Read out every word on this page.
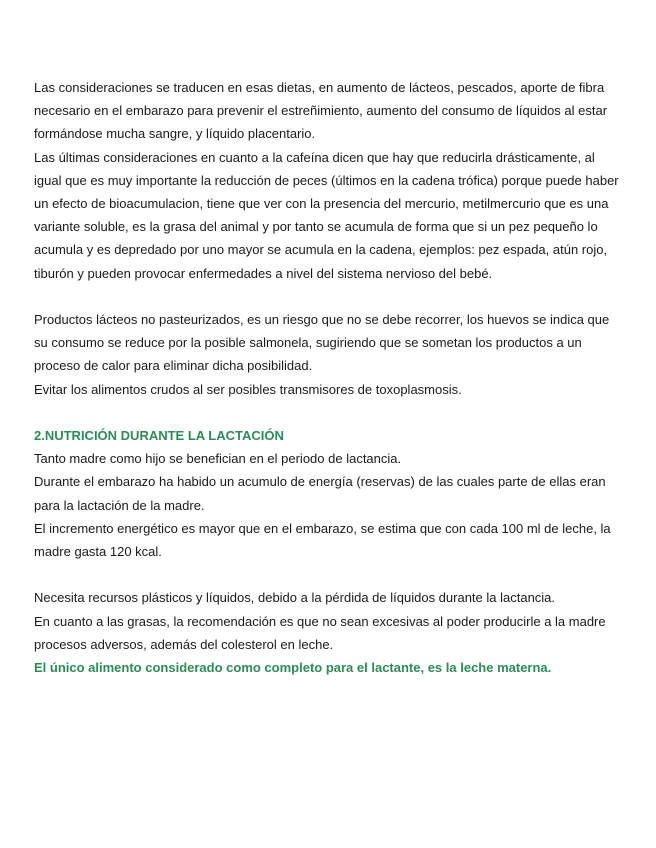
Las consideraciones se traducen en esas dietas, en aumento de lácteos, pescados, aporte de fibra necesario en el embarazo para prevenir el estreñimiento, aumento del consumo de líquidos al estar formándose mucha sangre, y líquido placentario.

Las últimas consideraciones en cuanto a la cafeína dicen que hay que reducirla drásticamente, al igual que es muy importante la reducción de peces (últimos en la cadena trófica) porque puede haber un efecto de bioacumulacion, tiene que ver con la presencia del mercurio, metilmercurio que es una variante soluble, es la grasa del animal y por tanto se acumula de forma que si un pez pequeño lo acumula y es depredado por uno mayor se acumula en la cadena, ejemplos: pez espada, atún rojo, tiburón y pueden provocar enfermedades a nivel del sistema nervioso del bebé.

Productos lácteos no pasteurizados, es un riesgo que no se debe recorrer, los huevos se indica que su consumo se reduce por la posible salmonela, sugiriendo que se sometan los productos a un proceso de calor para eliminar dicha posibilidad.

Evitar los alimentos crudos al ser posibles transmisores de toxoplasmosis.

2.NUTRICIÓN DURANTE LA LACTACIÓN

Tanto madre como hijo se benefician en el periodo de lactancia.

Durante el embarazo ha habido un acumulo de energía (reservas) de las cuales parte de ellas eran para la lactación de la madre.

El incremento energético es mayor que en el embarazo, se estima que con cada 100 ml de leche, la madre gasta 120 kcal.

Necesita recursos plásticos y líquidos, debido a la pérdida de líquidos durante la lactancia.

En cuanto a las grasas, la recomendación es que no sean excesivas al poder producirle a la madre procesos adversos, además del colesterol en leche.

El único alimento considerado como completo para el lactante, es la leche materna.
